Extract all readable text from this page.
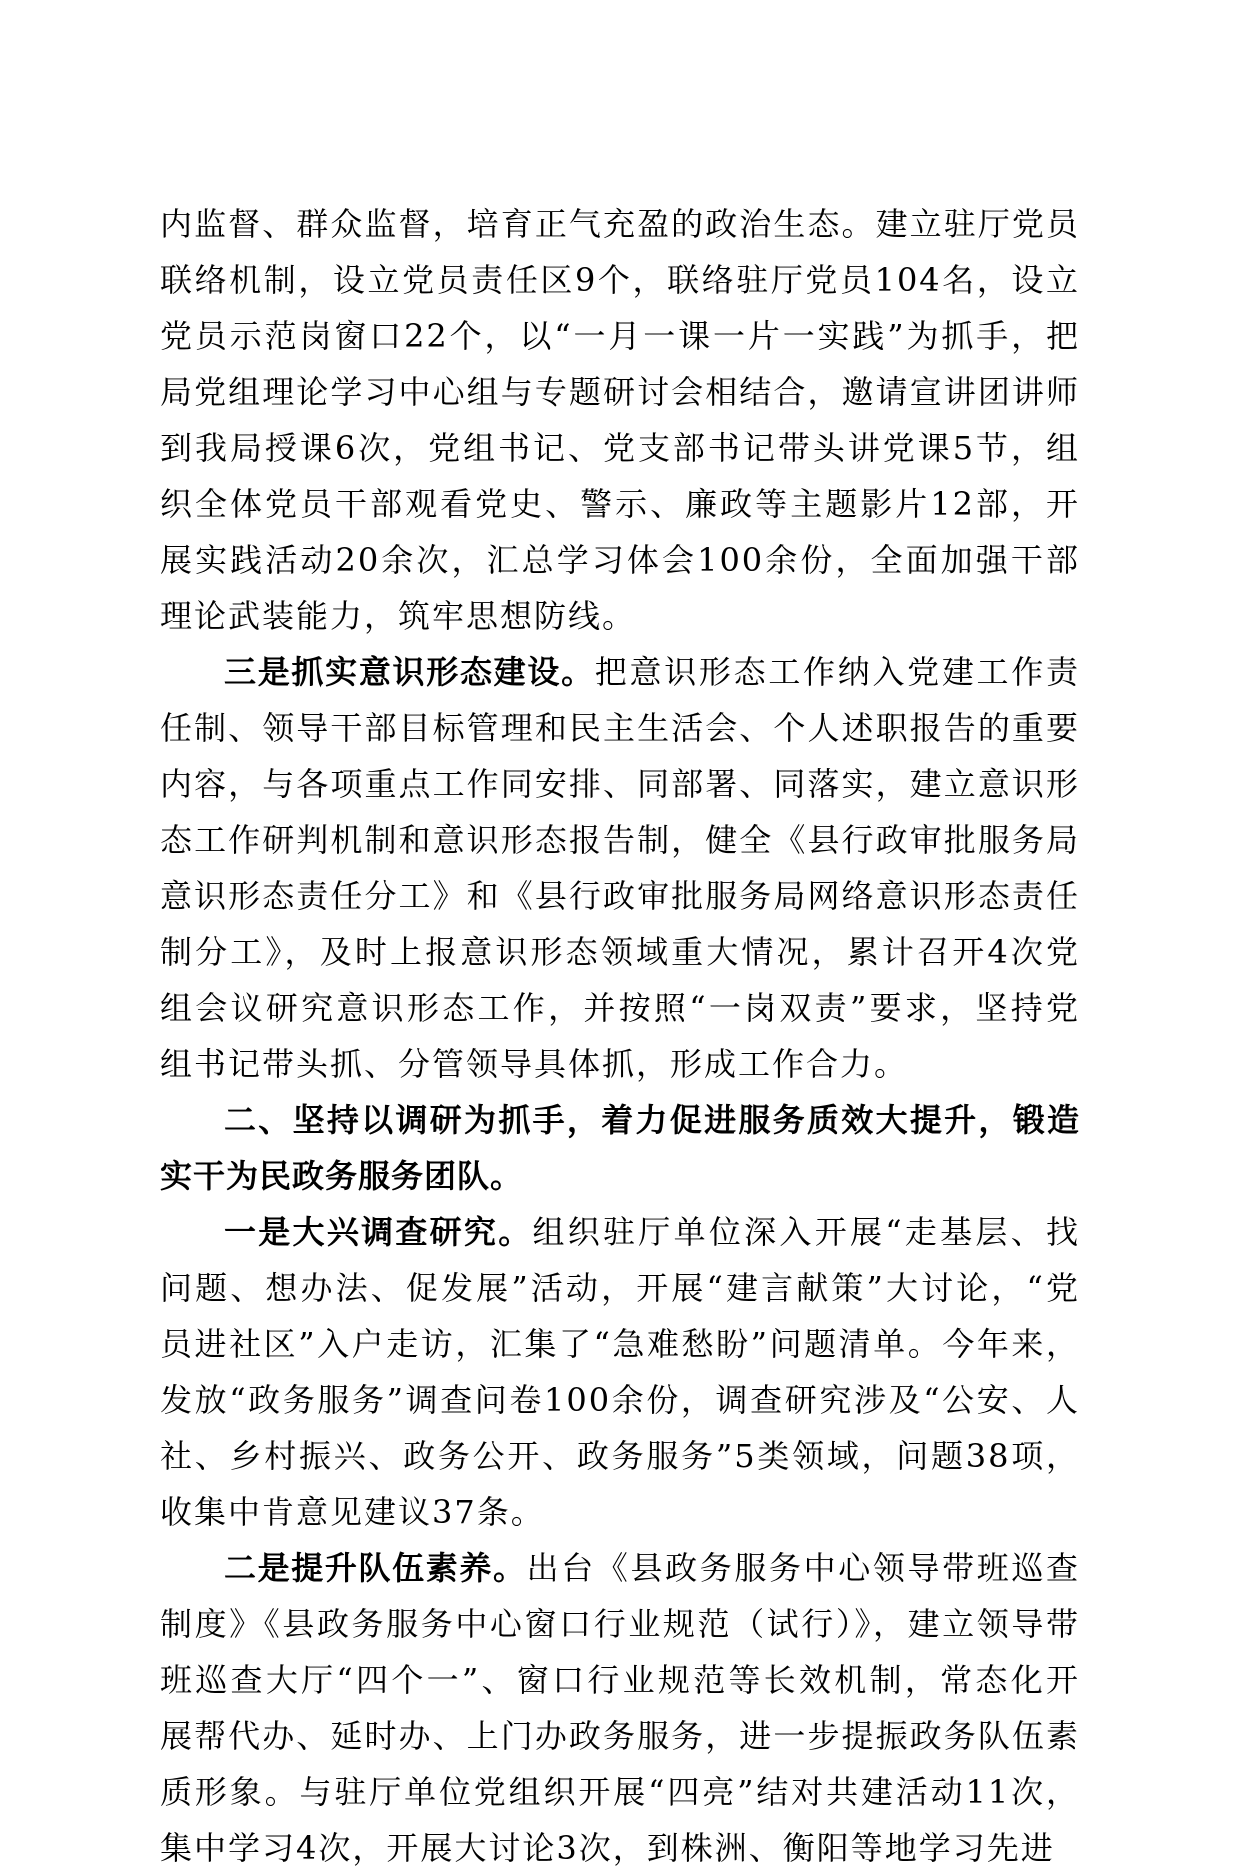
内监督、群众监督，培育正气充盈的政治生态。建立驻厅党员联络机制，设立党员责任区9个，联络驻厅党员104名，设立党员示范岗窗口22个，以“一月一课一片一实践”为抓手，把局党组理论学习中心组与专题研讨会相结合，邀请宣讲团讲师到我局授课6次，党组书记、党支部书记带头讲党课5节，组织全体党员干部观看党史、警示、廉政等主题影片12部，开展实践活动20余次，汇总学习体会100余份，全面加强干部理论武装能力，筑牢思想防线。

三是抓实意识形态建设。把意识形态工作纳入党建工作责任制、领导干部目标管理和民主生活会、个人述职报告的重要内容，与各项重点工作同安排、同部署、同落实，建立意识形态工作研判机制和意识形态报告制，健全《县行政审批服务局意识形态责任分工》和《县行政审批服务局网络意识形态责任制分工》，及时上报意识形态领域重大情况，累计召开4次党组会议研究意识形态工作，并按照“一岗双责”要求，坚持党组书记带头抓、分管领导具体抓，形成工作合力。

二、坚持以调研为抓手，着力促进服务质效大提升，锻造实干为民政务服务团队。

一是大兴调查研究。组织驻厅单位深入开展“走基层、找问题、想办法、促发展”活动，开展“建言献策”大讨论，“党员进社区”入户走访，汇集了“急难愁盼”问题清单。今年来，发放“政务服务”调查问卷100余份，调查研究涉及“公安、人社、乡村振兴、政务公开、政务服务”5类领域，问题38项，收集中肯意见建议37条。

二是提升队伍素养。出台《县政务服务中心领导带班巡查制度》《县政务服务中心窗口行业规范（试行）》，建立领导带班巡查大厅“四个一”、窗口行业规范等长效机制，常态化开展帮代办、延时办、上门办政务服务，进一步提振政务队伍素质形象。与驻厅单位党组织开展“四亮”结对共建活动11次，集中学习4次，开展大讨论3次，到株洲、衡阳等地学习先进
